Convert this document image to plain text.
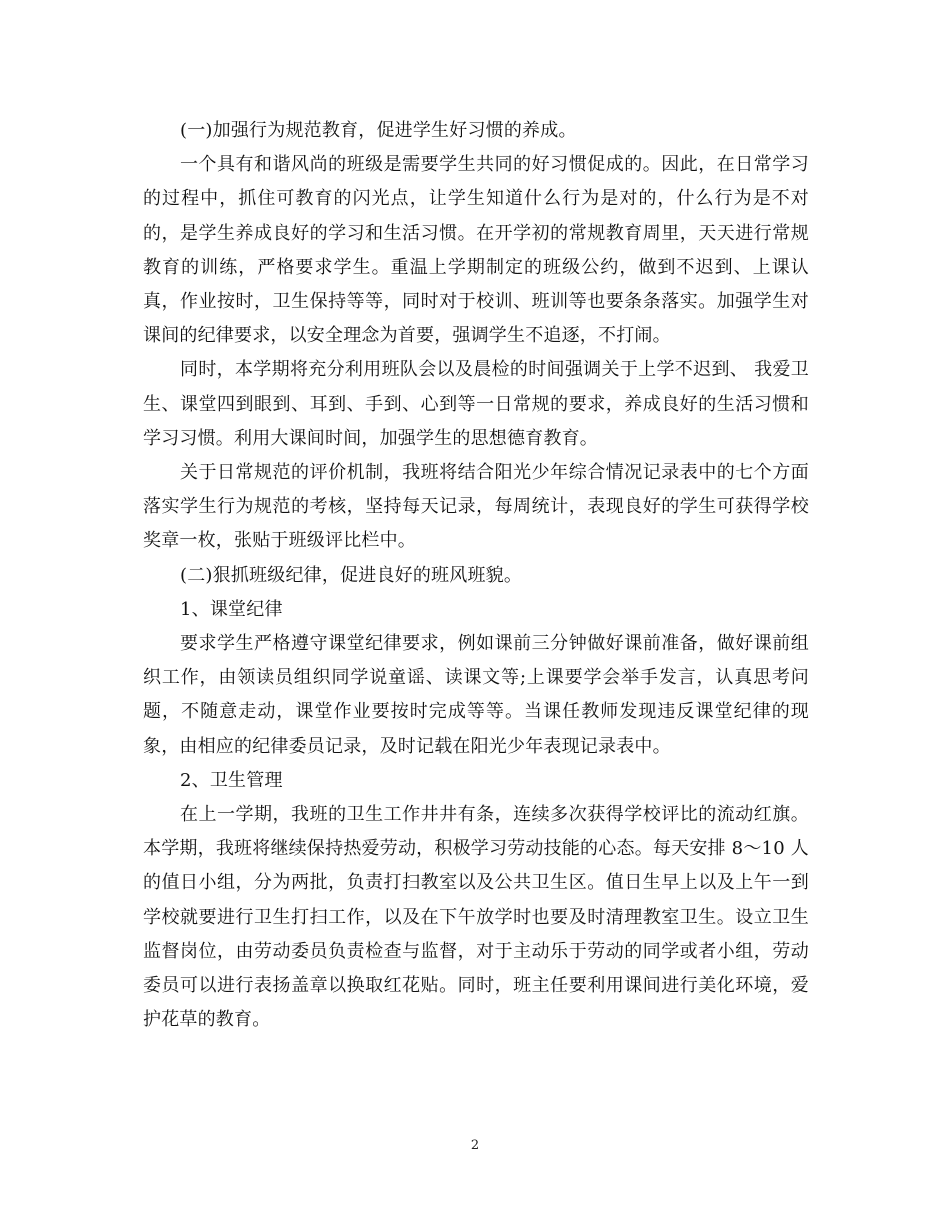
(一)加强行为规范教育，促进学生好习惯的养成。

一个具有和谐风尚的班级是需要学生共同的好习惯促成的。因此，在日常学习的过程中，抓住可教育的闪光点，让学生知道什么行为是对的，什么行为是不对的，是学生养成良好的学习和生活习惯。在开学初的常规教育周里，天天进行常规教育的训练，严格要求学生。重温上学期制定的班级公约，做到不迟到、上课认真，作业按时，卫生保持等等，同时对于校训、班训等也要条条落实。加强学生对课间的纪律要求，以安全理念为首要，强调学生不追逐，不打闹。

同时，本学期将充分利用班队会以及晨检的时间强调关于上学不迟到、 我爱卫生、课堂四到眼到、耳到、手到、心到等一日常规的要求，养成良好的生活习惯和学习习惯。利用大课间时间，加强学生的思想德育教育。

关于日常规范的评价机制，我班将结合阳光少年综合情况记录表中的七个方面落实学生行为规范的考核，坚持每天记录，每周统计，表现良好的学生可获得学校奖章一枚，张贴于班级评比栏中。

(二)狠抓班级纪律，促进良好的班风班貌。

1、课堂纪律

要求学生严格遵守课堂纪律要求，例如课前三分钟做好课前准备，做好课前组织工作，由领读员组织同学说童谣、读课文等;上课要学会举手发言，认真思考问题，不随意走动，课堂作业要按时完成等等。当课任教师发现违反课堂纪律的现象，由相应的纪律委员记录，及时记载在阳光少年表现记录表中。

2、卫生管理

在上一学期，我班的卫生工作井井有条，连续多次获得学校评比的流动红旗。本学期，我班将继续保持热爱劳动，积极学习劳动技能的心态。每天安排 8～10 人的值日小组，分为两批，负责打扫教室以及公共卫生区。值日生早上以及上午一到学校就要进行卫生打扫工作，以及在下午放学时也要及时清理教室卫生。设立卫生监督岗位，由劳动委员负责检查与监督，对于主动乐于劳动的同学或者小组，劳动委员可以进行表扬盖章以换取红花贴。同时，班主任要利用课间进行美化环境，爱护花草的教育。

2
